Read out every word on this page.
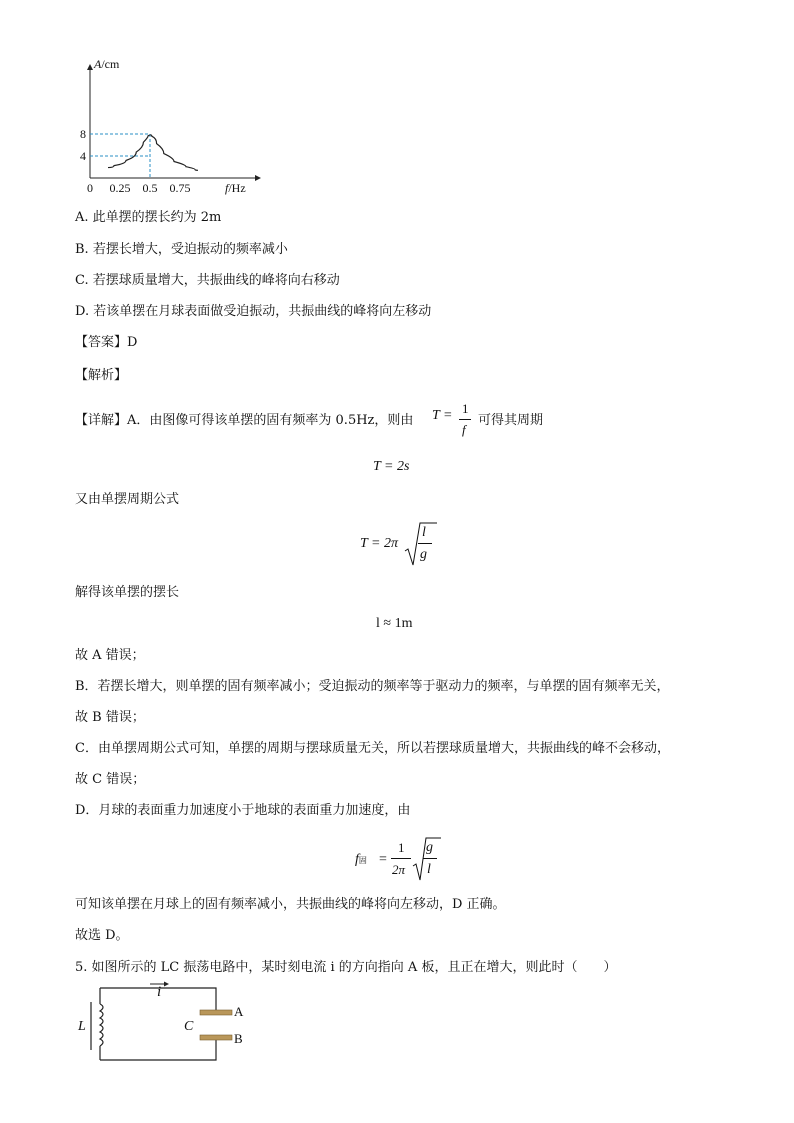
0 0.25 0.5 0.75
8
4
A/cm
f/Hz
A. 此单摆的摆长约为 2m
B. 若摆长增大，受迫振动的频率减小
C. 若摆球质量增大，共振曲线的峰将向右移动
D. 若该单摆在月球表面做受迫振动，共振曲线的峰将向左移动
【答案】D
【解析】
【详解】A．由图像可得该单摆的固有频率为 0.5Hz，则由 T = 1
f
可得其周期
T = 2s
又由单摆周期公式
T = 2π
l
g
解得该单摆的摆长
l ≈ 1m
故 A 错误；
B．若摆长增大，则单摆的固有频率减小；受迫振动的频率等于驱动力的频率，与单摆的固有频率无关，
故 B 错误；
C．由单摆周期公式可知，单摆的周期与摆球质量无关，所以若摆球质量增大，共振曲线的峰不会移动，
故 C 错误；
D．月球的表面重力加速度小于地球的表面重力加速度，由
f固 =
1
2π
g
l
可知该单摆在月球上的固有频率减小，共振曲线的峰将向左移动，D 正确。
故选 D。
5. 如图所示的 LC 振荡电路中，某时刻电流 i 的方向指向 A 板，且正在增大，则此时（　　）
i
L	C
A
B
